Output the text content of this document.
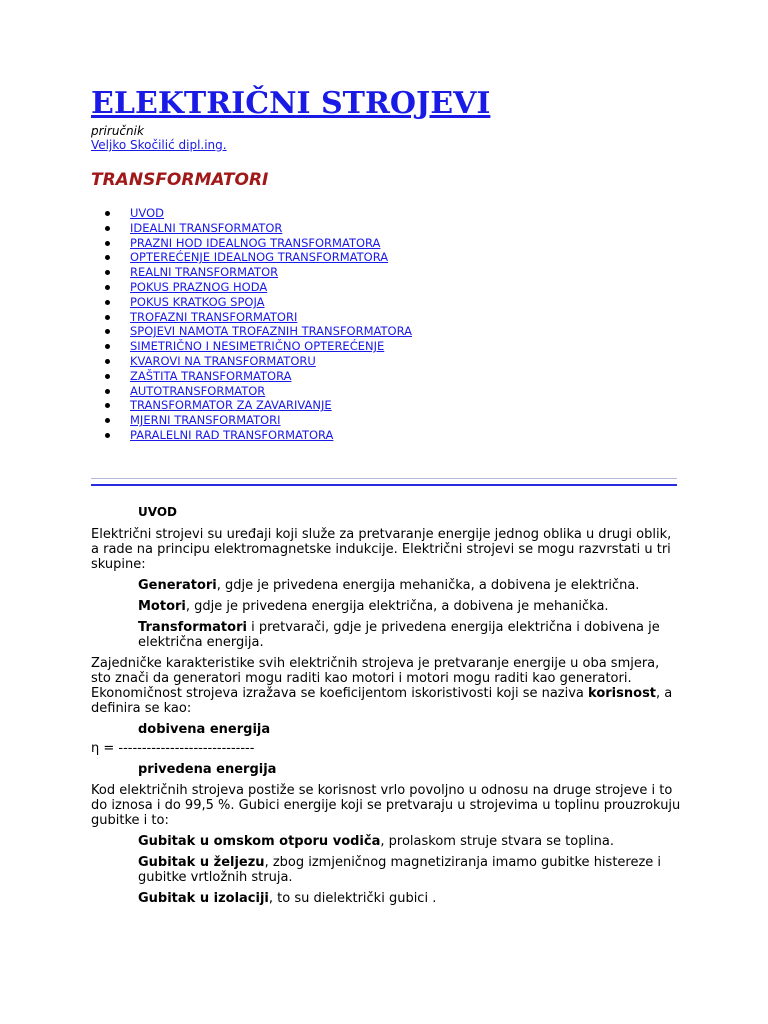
ELEKTRIČNI STROJEVI
priručnik
Veljko Skočilić dipl.ing.
TRANSFORMATORI
UVOD
IDEALNI TRANSFORMATOR
PRAZNI HOD IDEALNOG TRANSFORMATORA
OPTEREĆENJE IDEALNOG TRANSFORMATORA
REALNI TRANSFORMATOR
POKUS PRAZNOG HODA
POKUS KRATKOG SPOJA
TROFAZNI TRANSFORMATORI
SPOJEVI NAMOTA TROFAZNIH TRANSFORMATORA
SIMETRIČNO I NESIMETRIČNO OPTEREĆENJE
KVAROVI NA TRANSFORMATORU
ZAŠTITA TRANSFORMATORA
AUTOTRANSFORMATOR
TRANSFORMATOR ZA ZAVARIVANJE
MJERNI TRANSFORMATORI
PARALELNI RAD TRANSFORMATORA
UVOD

Električni strojevi su uređaji koji služe za pretvaranje energije jednog oblika u drugi oblik, a rade na principu elektromagnetske indukcije. Električni strojevi se mogu razvrstati u tri skupine:

Generatori, gdje je privedena energija mehanička, a dobivena je električna.
Motori, gdje je privedena energija električna, a dobivena je mehanička.
Transformatori i pretvarači, gdje je privedena energija električna i dobivena je električna energija.

Zajedničke karakteristike svih električnih strojeva je pretvaranje energije u oba smjera, sto znači da generatori mogu raditi kao motori i motori mogu raditi kao generatori. Ekonomičnost strojeva izražava se koeficijentom iskoristivosti koji se naziva korisnost, a definira se kao:

dobivena energija
η = -----------------------------
privedena energija

Kod električnih strojeva postiže se korisnost vrlo povoljno u odnosu na druge strojeve i to do iznosa i do 99,5 %. Gubici energije koji se pretvaraju u strojevima u toplinu prouzrokuju gubitke i to:

Gubitak u omskom otporu vodiča, prolaskom struje stvara se toplina.
Gubitak u željezu, zbog izmjeničnog magnetiziranja imamo gubitke histereze i gubitke vrtložnih struja.
Gubitak u izolaciji, to su dielektrički gubici .
